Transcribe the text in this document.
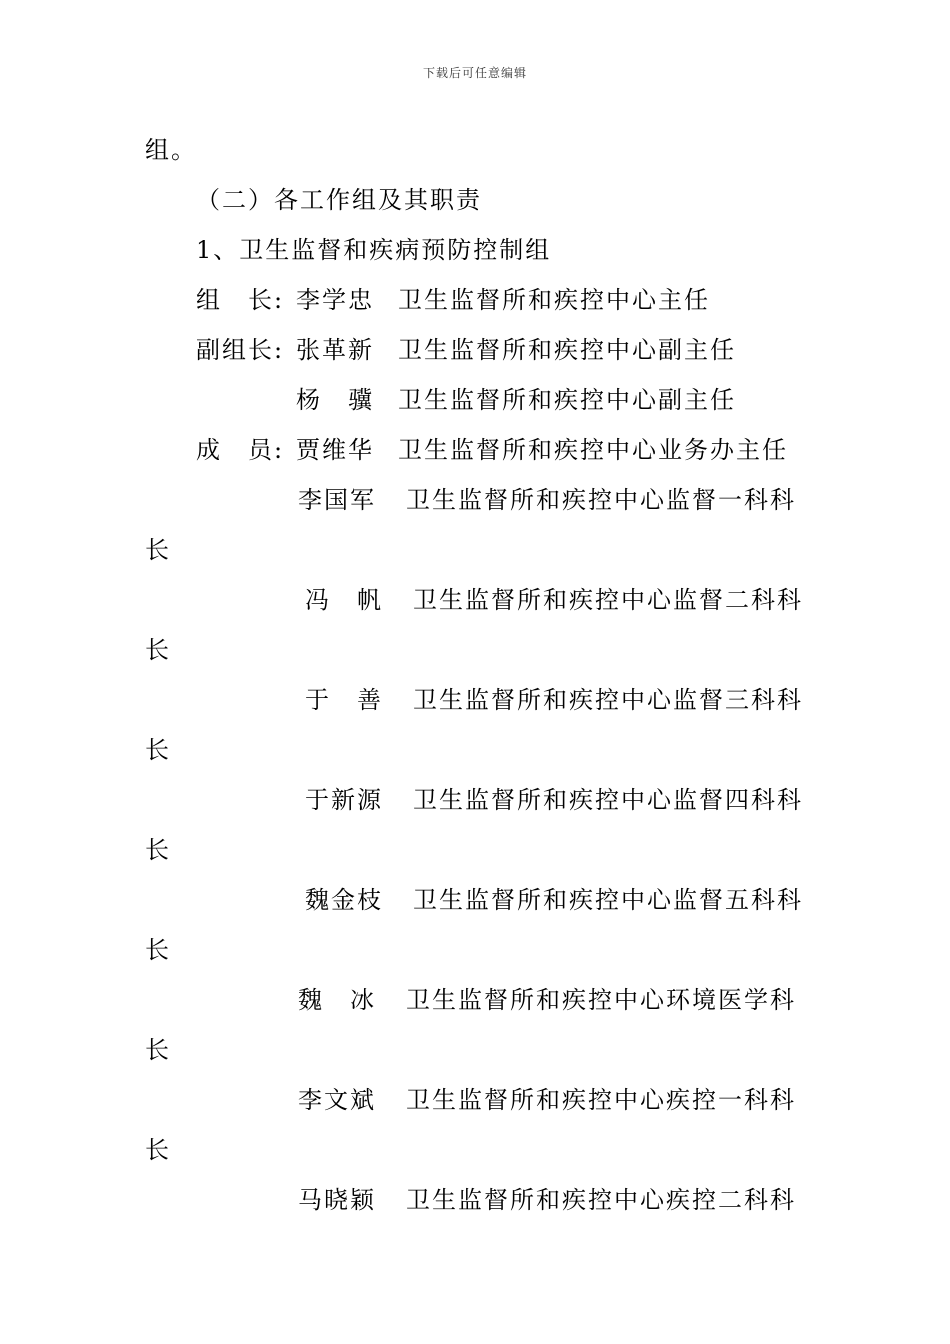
下载后可任意编辑
组。
（二）各工作组及其职责
1、卫生监督和疾病预防控制组
组　长: 李学忠 卫生监督所和疾控中心主任
副组长: 张革新 卫生监督所和疾控中心副主任
杨　骥 卫生监督所和疾控中心副主任
成　员: 贾维华 卫生监督所和疾控中心业务办主任
李国军 卫生监督所和疾控中心监督一科科
长
冯　帆 卫生监督所和疾控中心监督二科科
长
于　善 卫生监督所和疾控中心监督三科科
长
于新源 卫生监督所和疾控中心监督四科科
长
魏金枝 卫生监督所和疾控中心监督五科科
长
魏　冰 卫生监督所和疾控中心环境医学科
长
李文斌 卫生监督所和疾控中心疾控一科科
长
马晓颖 卫生监督所和疾控中心疾控二科科
